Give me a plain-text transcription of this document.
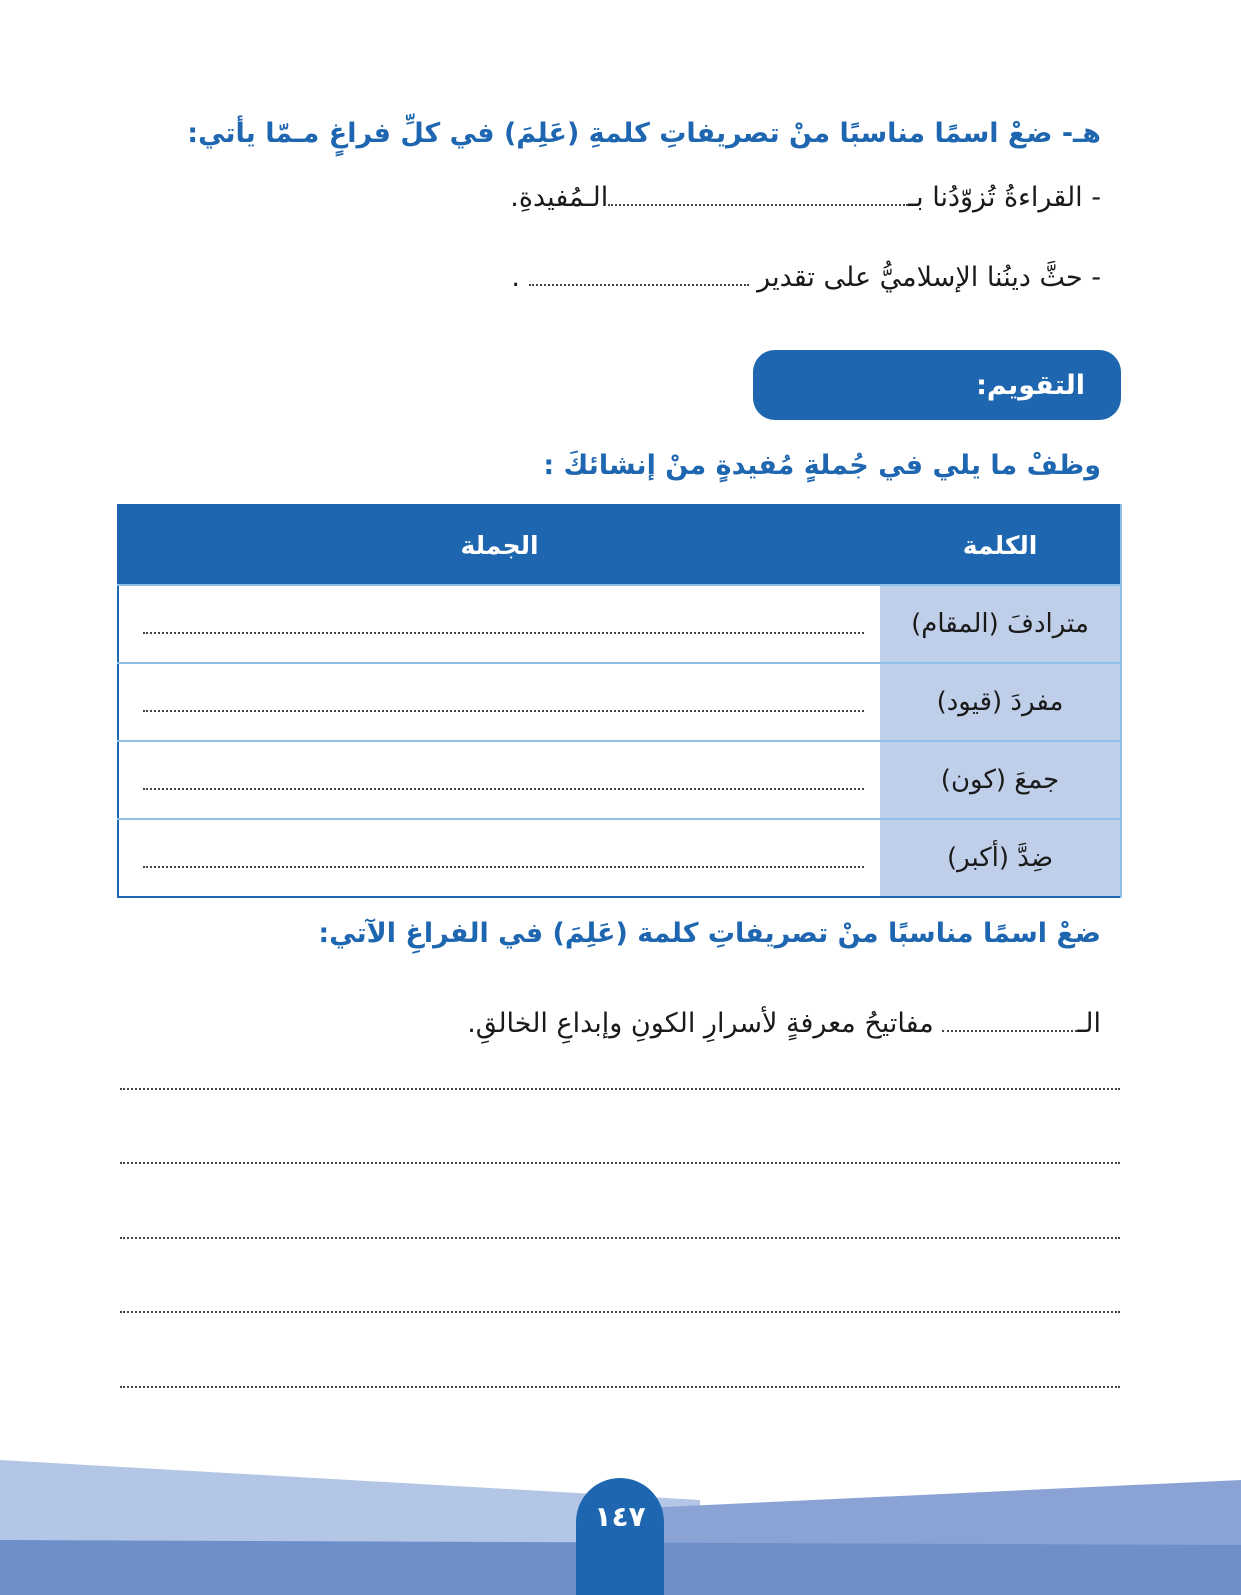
هـ- ضعْ اسمًا مناسبًا منْ تصريفاتِ كلمةِ (عَلِمَ) في كلِّ فراغٍ مـمّا يأتي:
- القراءةُ تُزوّدُنا بـالـمُفيدةِ.
- حثَّ دينُنا الإسلاميُّ على تقدير  .
التقويم:
وظفْ ما يلي في جُملةٍ مُفيدةٍ منْ إنشائكَ :
الكلمة	الجملة
مترادفَ (المقام)	

مفردَ (قيود)	

جمعَ (كون)	

ضِدَّ (أكبر)	
ضعْ اسمًا مناسبًا منْ تصريفاتِ كلمة (عَلِمَ) في الفراغِ الآتي:
الـ مفاتيحُ معرفةٍ لأسرارِ الكونِ وإبداعِ الخالقِ.
١٤٧
